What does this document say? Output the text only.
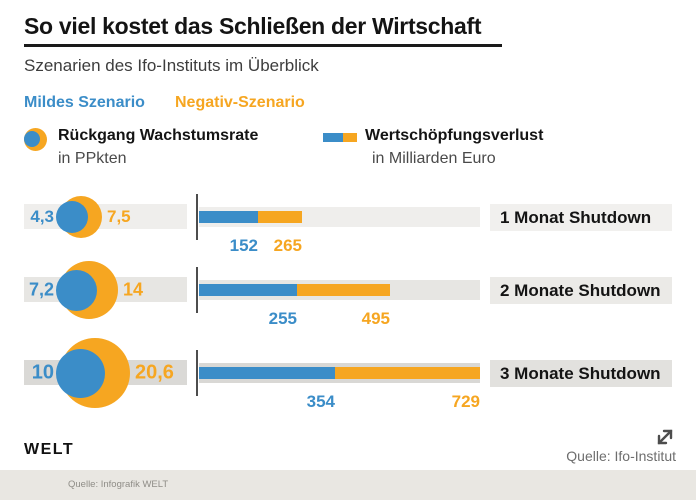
So viel kostet das Schließen der Wirtschaft
Szenarien des Ifo-Instituts im Überblick
Mildes Szenario Negativ-Szenario
Rückgang Wachstumsrate
in PPkten
Wertschöpfungsverlust
in Milliarden Euro
4,3	7,5
152 265
1 Monat Shutdown
7,2	14
255	495
2 Monate Shutdown
10	20,6
354	729
3 Monate Shutdown
WELT	Quelle: Ifo-Institut
Quelle: Infografik WELT
